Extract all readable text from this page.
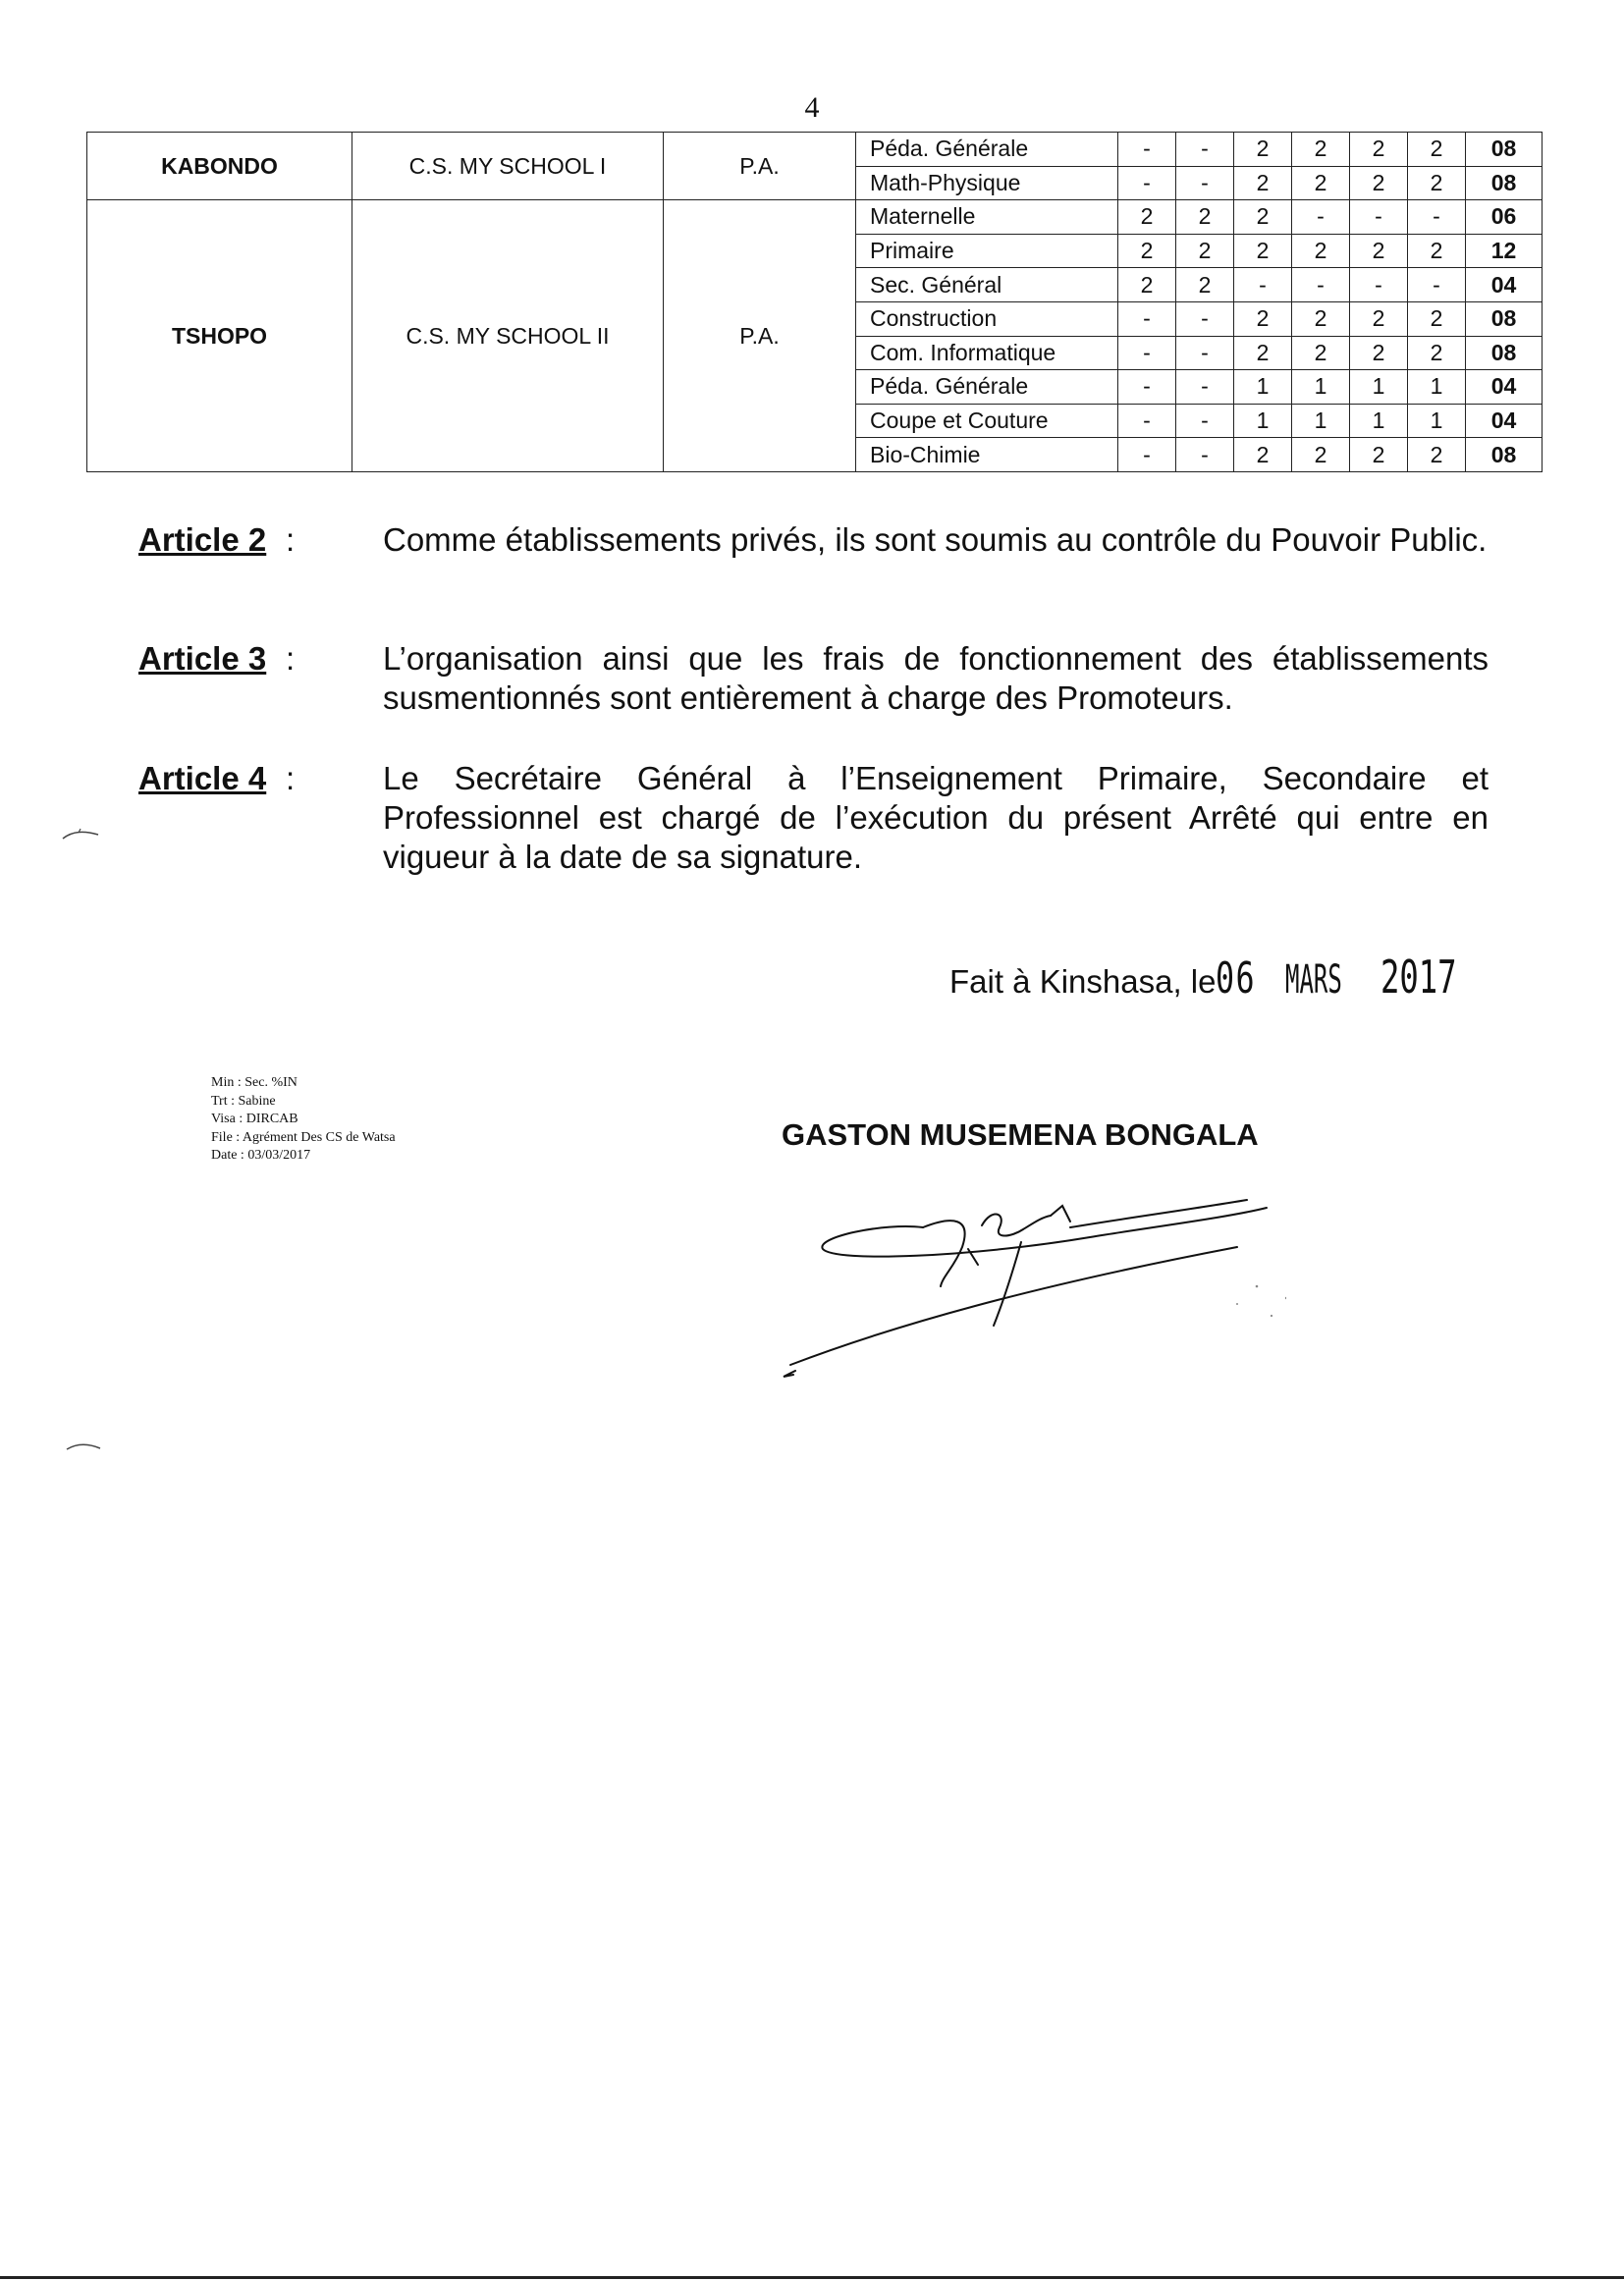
4
KABONDO	C.S. MY SCHOOL I	P.A.	Péda. Générale	-	-	2	2	2	2	08
			Math-Physique	-	-	2	2	2	2	08
TSHOPO	C.S. MY SCHOOL II	P.A.	Maternelle	2	2	2	-	-	-	06
			Primaire	2	2	2	2	2	2	12
			Sec. Général	2	2	-	-	-	-	04
			Construction	-	-	2	2	2	2	08
			Com. Informatique	-	-	2	2	2	2	08
			Péda. Générale	-	-	1	1	1	1	04
			Coupe et Couture	-	-	1	1	1	1	04
			Bio-Chimie	-	-	2	2	2	2	08
Article 2 :	Comme établissements privés, ils sont soumis au contrôle du Pouvoir Public.
Article 3 :	L’organisation ainsi que les frais de fonctionnement des établissements susmentionnés sont entièrement à charge des Promoteurs.
Article 4 :	Le Secrétaire Général à l’Enseignement Primaire, Secondaire et Professionnel est chargé de l’exécution du présent Arrêté qui entre en vigueur à la date de sa signature.
Fait à Kinshasa, le06 MARS 2017
Min : Sec. %IN
Trt : Sabine
Visa : DIRCAB
File : Agrément Des CS de Watsa
Date : 03/03/2017
GASTON MUSEMENA BONGALA
